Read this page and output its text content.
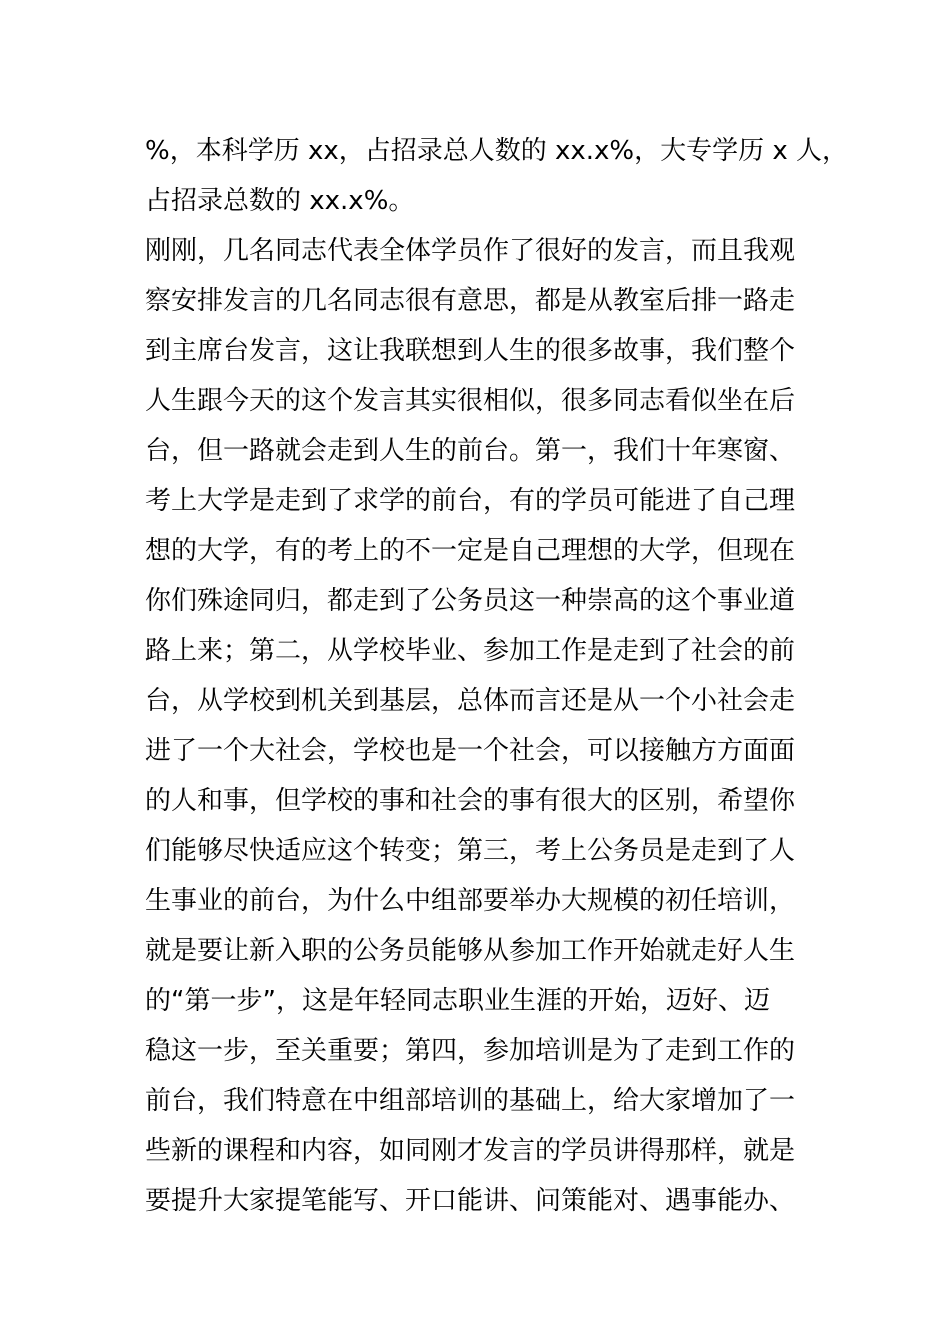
%，本科学历 xx，占招录总人数的 xx.x%，大专学历 x 人，
占招录总数的 xx.x%。
刚刚，几名同志代表全体学员作了很好的发言，而且我观
察安排发言的几名同志很有意思，都是从教室后排一路走
到主席台发言，这让我联想到人生的很多故事，我们整个
人生跟今天的这个发言其实很相似，很多同志看似坐在后
台，但一路就会走到人生的前台。第一，我们十年寒窗、
考上大学是走到了求学的前台，有的学员可能进了自己理
想的大学，有的考上的不一定是自己理想的大学，但现在
你们殊途同归，都走到了公务员这一种崇高的这个事业道
路上来；第二，从学校毕业、参加工作是走到了社会的前
台，从学校到机关到基层，总体而言还是从一个小社会走
进了一个大社会，学校也是一个社会，可以接触方方面面
的人和事，但学校的事和社会的事有很大的区别，希望你
们能够尽快适应这个转变；第三，考上公务员是走到了人
生事业的前台，为什么中组部要举办大规模的初任培训，
就是要让新入职的公务员能够从参加工作开始就走好人生
的“第一步”，这是年轻同志职业生涯的开始，迈好、迈
稳这一步，至关重要；第四，参加培训是为了走到工作的
前台，我们特意在中组部培训的基础上，给大家增加了一
些新的课程和内容，如同刚才发言的学员讲得那样，就是
要提升大家提笔能写、开口能讲、问策能对、遇事能办、
